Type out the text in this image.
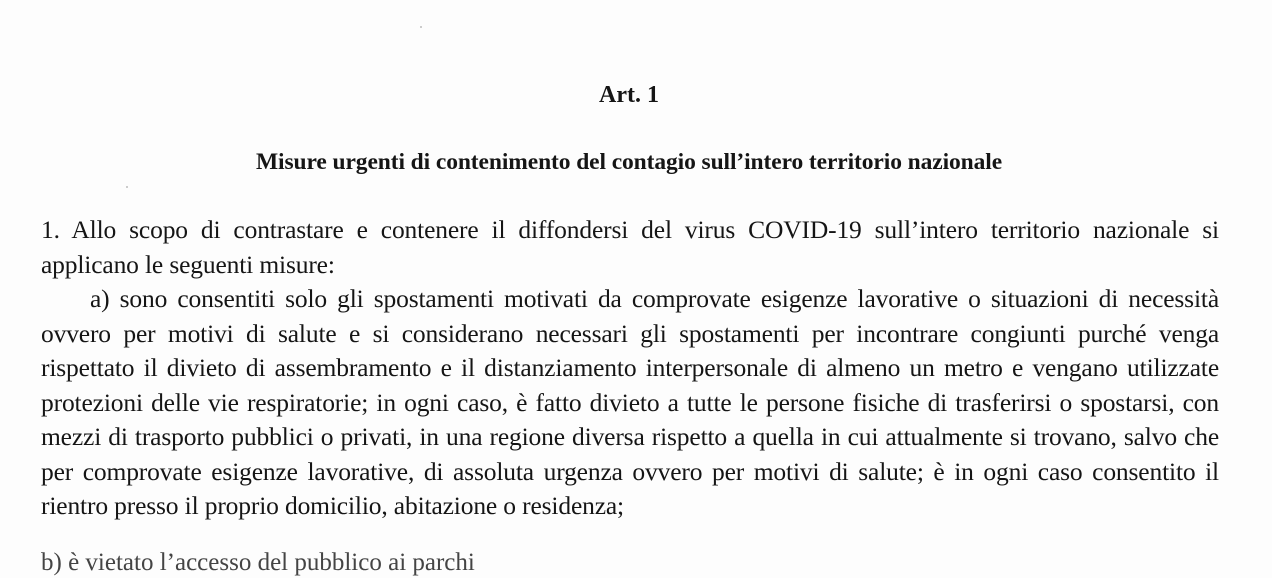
Art. 1
Misure urgenti di contenimento del contagio sull’intero territorio nazionale

1. Allo scopo di contrastare e contenere il diffondersi del virus COVID-19 sull’intero territorio nazionale si applicano le seguenti misure:

a) sono consentiti solo gli spostamenti motivati da comprovate esigenze lavorative o situazioni di necessità ovvero per motivi di salute e si considerano necessari gli spostamenti per incontrare congiunti purché venga rispettato il divieto di assembramento e il distanziamento interpersonale di almeno un metro e vengano utilizzate protezioni delle vie respiratorie; in ogni caso, è fatto divieto a tutte le persone fisiche di trasferirsi o spostarsi, con mezzi di trasporto pubblici o privati, in una regione diversa rispetto a quella in cui attualmente si trovano, salvo che per comprovate esigenze lavorative, di assoluta urgenza ovvero per motivi di salute; è in ogni caso consentito il rientro presso il proprio domicilio, abitazione o residenza;

b) è vietato l’accesso del pubblico ai parchi
